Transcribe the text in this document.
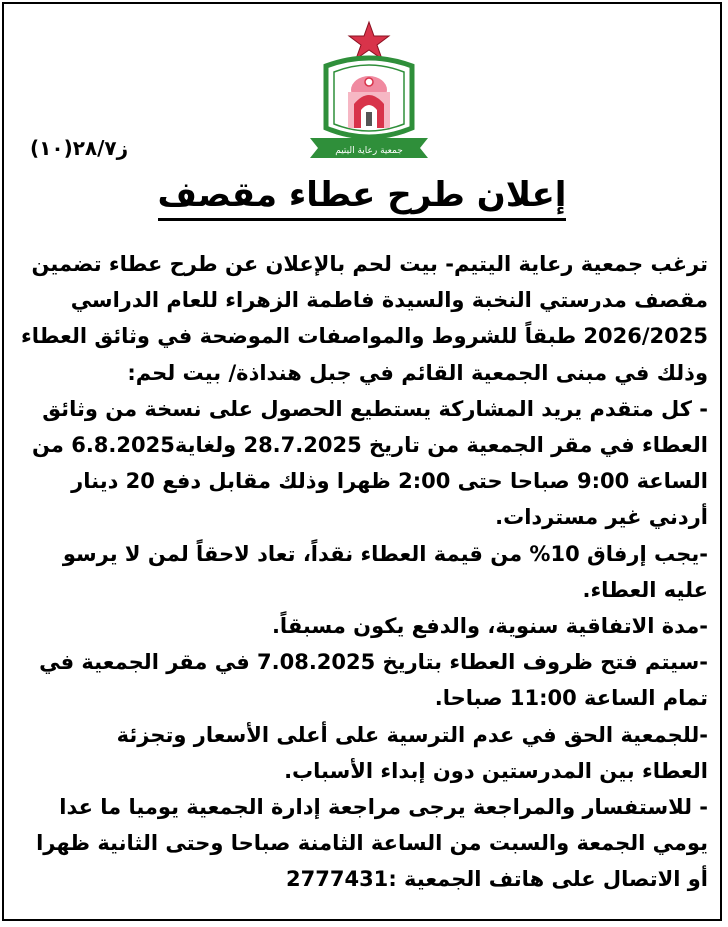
ز٢٨/٧(١٠)	جمعية رعاية اليتيم
إعلان طرح عطاء مقصف
ترغب جمعية رعاية اليتيم- بيت لحم بالإعلان عن طرح عطاء تضمين
مقصف مدرستي النخبة والسيدة فاطمة الزهراء للعام الدراسي
2026/2025 طبقاً للشروط والمواصفات الموضحة في وثائق العطاء
وذلك في مبنى الجمعية القائم في جبل هنداذة/ بيت لحم:
- كل متقدم يريد المشاركة يستطيع الحصول على نسخة من وثائق
العطاء في مقر الجمعية من تاريخ 28.7.2025 ولغاية6.8.2025 من
الساعة 9:00 صباحا حتى 2:00 ظهرا وذلك مقابل دفع 20 دينار
أردني غير مستردات.
-يجب إرفاق 10% من قيمة العطاء نقداً، تعاد لاحقاً لمن لا يرسو
عليه العطاء.
-مدة الاتفاقية سنوية، والدفع يكون مسبقاً.
-سيتم فتح ظروف العطاء بتاريخ 7.08.2025 في مقر الجمعية في
تمام الساعة 11:00 صباحا.
-للجمعية الحق في عدم الترسية على أعلى الأسعار وتجزئة
العطاء بين المدرستين دون إبداء الأسباب.
- للاستفسار والمراجعة يرجى مراجعة إدارة الجمعية يوميا ما عدا
يومي الجمعة والسبت من الساعة الثامنة صباحا وحتى الثانية ظهرا
أو الاتصال على هاتف الجمعية :2777431
